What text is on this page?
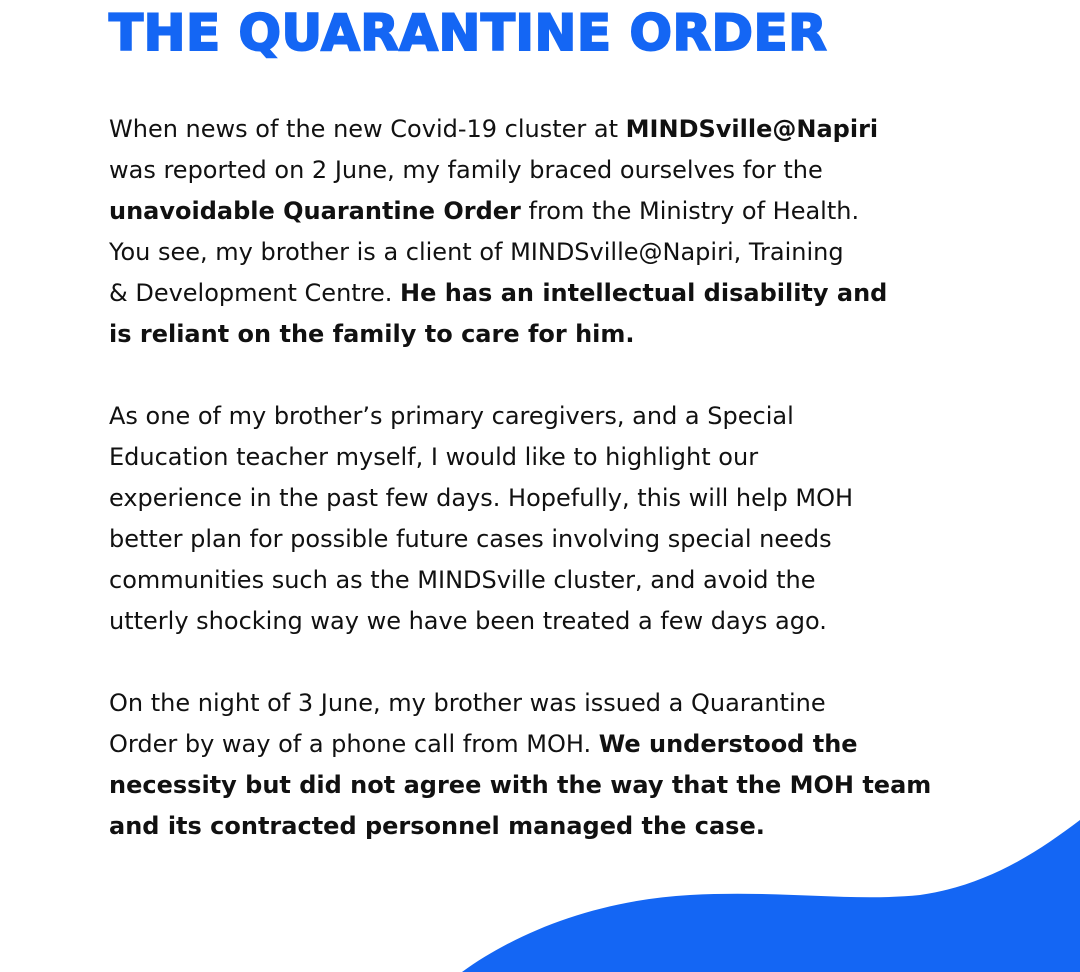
THE QUARANTINE ORDER

When news of the new Covid-19 cluster at MINDSville@Napiri
was reported on 2 June, my family braced ourselves for the
unavoidable Quarantine Order from the Ministry of Health.
You see, my brother is a client of MINDSville@Napiri, Training
& Development Centre. He has an intellectual disability and
is reliant on the family to care for him.

As one of my brother’s primary caregivers, and a Special
Education teacher myself, I would like to highlight our
experience in the past few days. Hopefully, this will help MOH
better plan for possible future cases involving special needs
communities such as the MINDSville cluster, and avoid the
utterly shocking way we have been treated a few days ago.

On the night of 3 June, my brother was issued a Quarantine
Order by way of a phone call from MOH. We understood the
necessity but did not agree with the way that the MOH team
and its contracted personnel managed the case.
